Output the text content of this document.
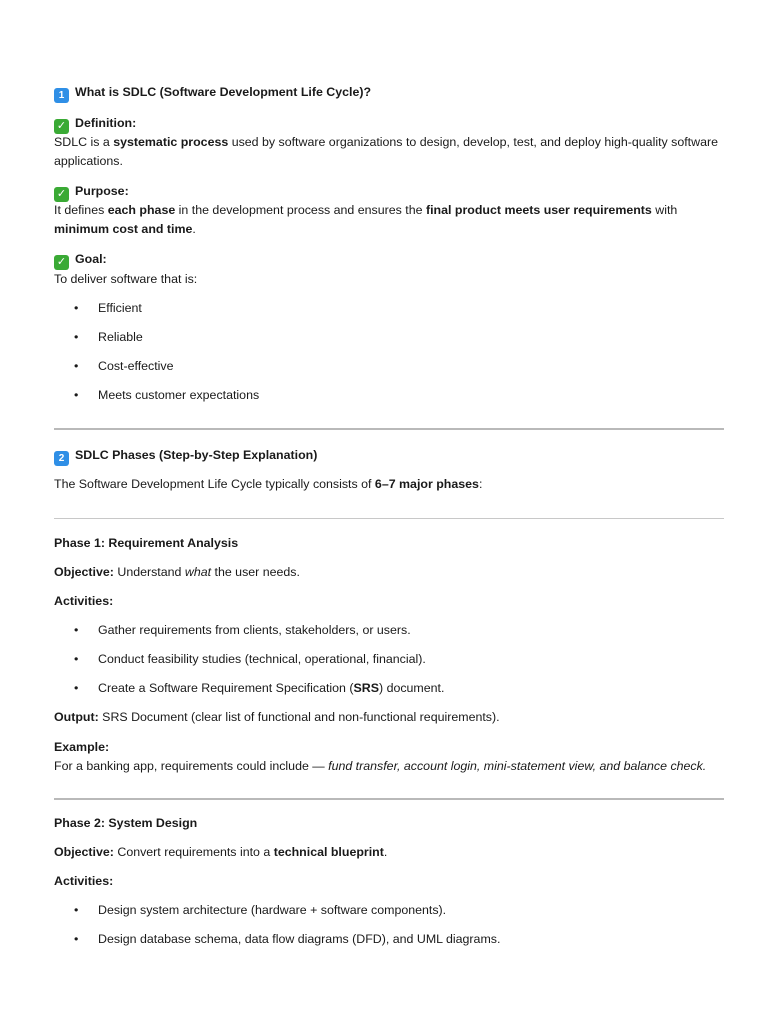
1 What is SDLC (Software Development Life Cycle)?

✓ Definition:

SDLC is a systematic process used by software organizations to design, develop, test, and deploy high-quality software applications.

✓ Purpose:

It defines each phase in the development process and ensures the final product meets user requirements with minimum cost and time.

✓ Goal:

To deliver software that is:

• Efficient

• Reliable

• Cost-effective

• Meets customer expectations

2 SDLC Phases (Step-by-Step Explanation)

The Software Development Life Cycle typically consists of 6–7 major phases:

Phase 1: Requirement Analysis

Objective: Understand what the user needs.

Activities:

• Gather requirements from clients, stakeholders, or users.

• Conduct feasibility studies (technical, operational, financial).

• Create a Software Requirement Specification (SRS) document.

Output: SRS Document (clear list of functional and non-functional requirements).

Example:

For a banking app, requirements could include — fund transfer, account login, mini-statement view, and balance check.

Phase 2: System Design

Objective: Convert requirements into a technical blueprint.

Activities:

• Design system architecture (hardware + software components).

• Design database schema, data flow diagrams (DFD), and UML diagrams.
